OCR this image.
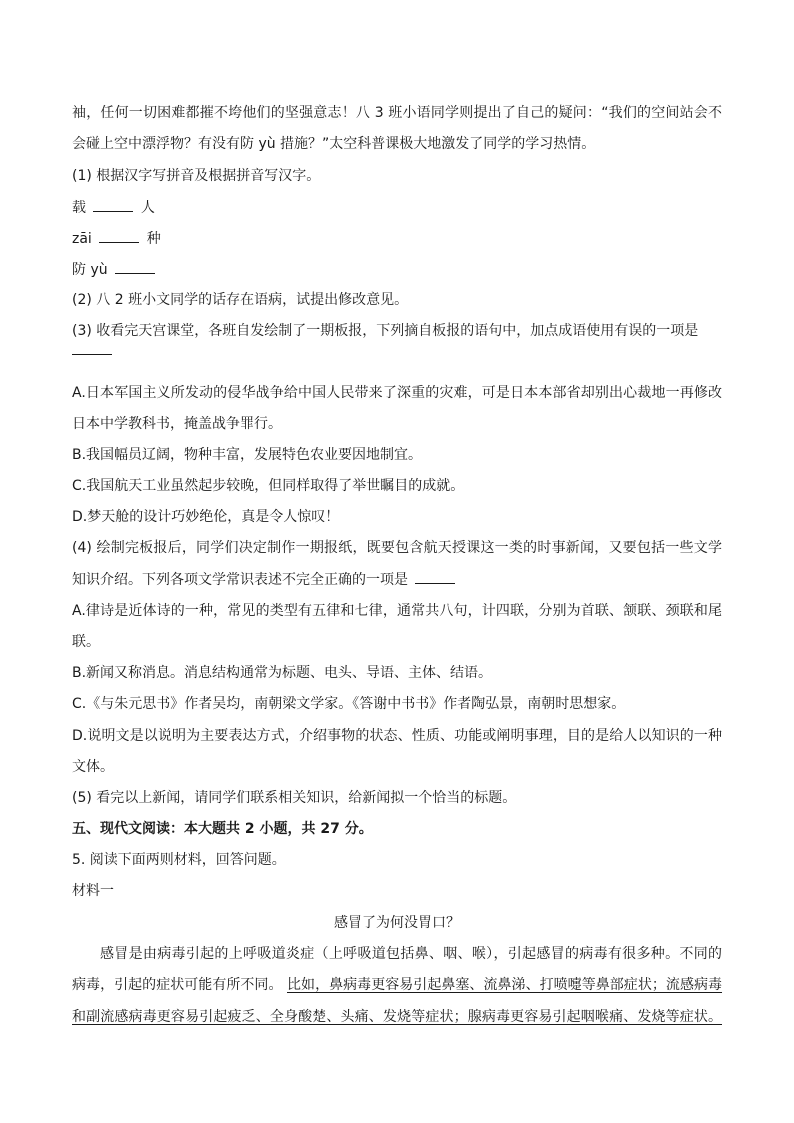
袖，任何一切困难都摧不垮他们的坚强意志！八 3 班小语同学则提出了自己的疑问：“我们的空间站会不
会碰上空中漂浮物？有没有防 yù 措施？”太空科普课极大地激发了同学的学习热情。
(1) 根据汉字写拼音及根据拼音写汉字。
载	人
zāi	种
防 yù
(2) 八 2 班小文同学的话存在语病，试提出修改意见。
(3) 收看完天宫课堂，各班自发绘制了一期板报，下列摘自板报的语句中，加点成语使用有误的一项是
A.日本军国主义所发动的侵华战争给中国人民带来了深重的灾难，可是日本本部省却别出心裁地一再修改
日本中学教科书，掩盖战争罪行。
B.我国幅员辽阔，物种丰富，发展特色农业要因地制宜。
C.我国航天工业虽然起步较晚，但同样取得了举世瞩目的成就。
D.梦天舱的设计巧妙绝伦，真是令人惊叹！
(4) 绘制完板报后，同学们决定制作一期报纸，既要包含航天授课这一类的时事新闻，又要包括一些文学
知识介绍。下列各项文学常识表述不完全正确的一项是
A.律诗是近体诗的一种，常见的类型有五律和七律，通常共八句，计四联，分别为首联、颔联、颈联和尾
联。
B.新闻又称消息。消息结构通常为标题、电头、导语、主体、结语。
C.《与朱元思书》作者吴均，南朝梁文学家。《答谢中书书》作者陶弘景，南朝时思想家。
D.说明文是以说明为主要表达方式，介绍事物的状态、性质、功能或阐明事理，目的是给人以知识的一种
文体。
(5) 看完以上新闻，请同学们联系相关知识，给新闻拟一个恰当的标题。
五、现代文阅读：本大题共 2 小题，共 27 分。
5. 阅读下面两则材料，回答问题。
材料一
感冒了为何没胃口？
感冒是由病毒引起的上呼吸道炎症（上呼吸道包括鼻、咽、喉），引起感冒的病毒有很多种。不同的
病毒，引起的症状可能有所不同。 比如，鼻病毒更容易引起鼻塞、流鼻涕、打喷嚏等鼻部症状；流感病毒
和副流感病毒更容易引起疲乏、全身酸楚、头痛、发烧等症状；腺病毒更容易引起咽喉痛、发烧等症状。
